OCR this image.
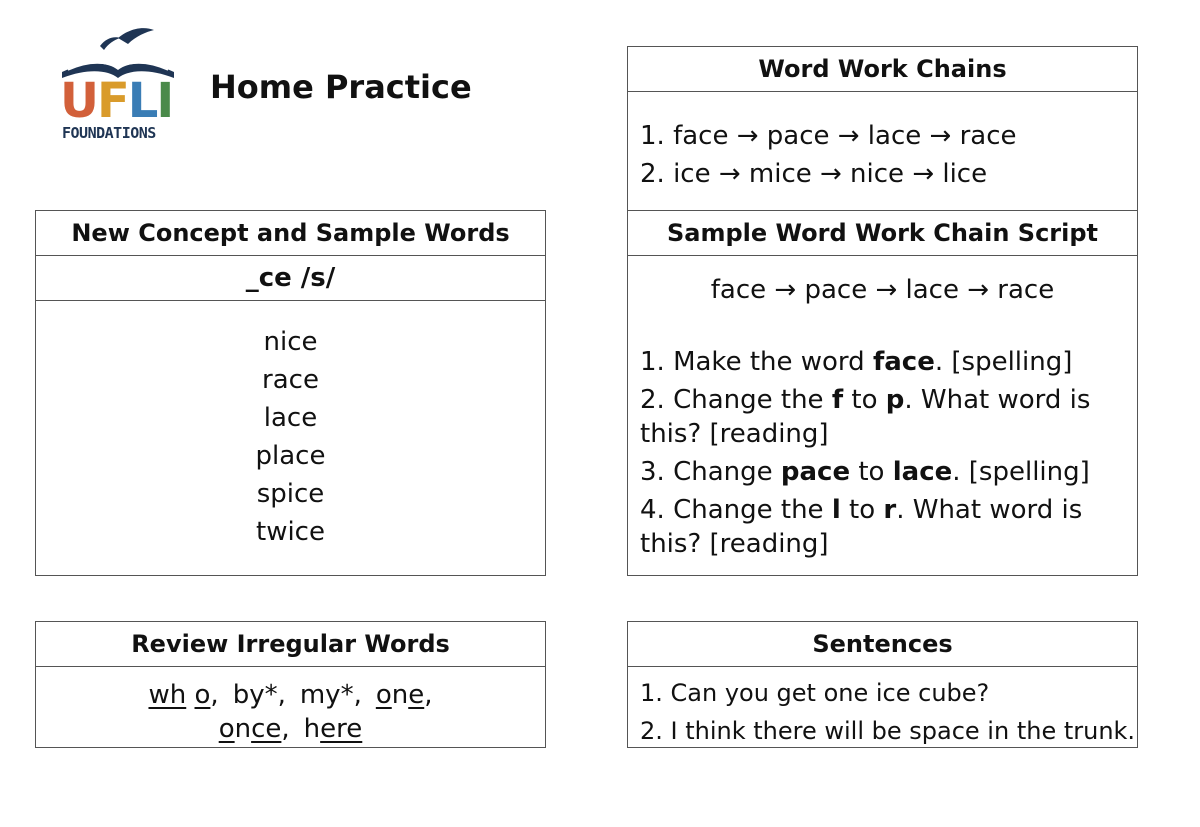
UFLI
FOUNDATIONS
Home Practice
New Concept and Sample Words
_ce /s/
nice
race
lace
place
spice
twice
Word Work Chains
1. face → pace → lace → race
2. ice → mice → nice → lice
Sample Word Work Chain Script
face → pace → lace → race
1. Make the word face. [spelling]
2. Change the f to p. What word is this? [reading]
3. Change pace to lace. [spelling]
4. Change the l to r. What word is this? [reading]
Review Irregular Words
wh o, by*, my*, one,
once, here
Sentences
1. Can you get one ice cube?
2. I think there will be space in the trunk.
